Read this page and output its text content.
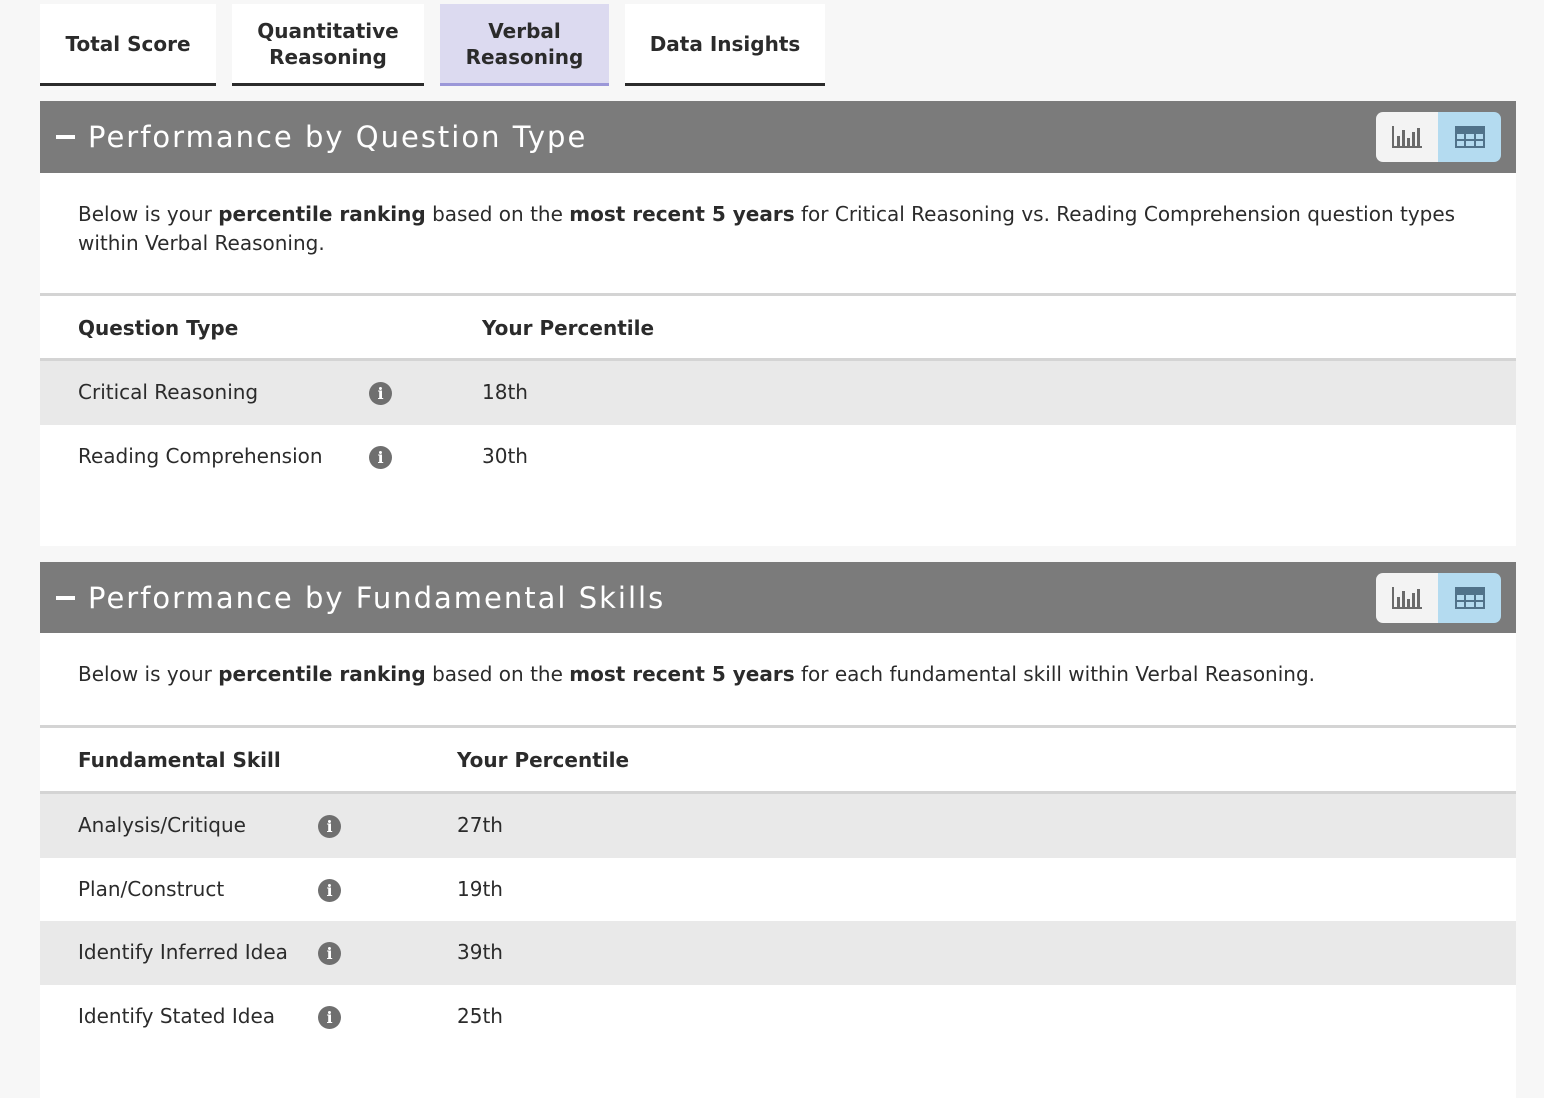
Total Score
Quantitative
Reasoning
Verbal
Reasoning
Data Insights
Performance by Question Type
Below is your percentile ranking based on the most recent 5 years for Critical Reasoning vs. Reading Comprehension question types within Verbal Reasoning.
Question Type	Your Percentile
Critical Reasoning	i	18th
Reading Comprehension	i	30th
Performance by Fundamental Skills
Below is your percentile ranking based on the most recent 5 years for each fundamental skill within Verbal Reasoning.
Fundamental Skill	Your Percentile
Analysis/Critique	i	27th
Plan/Construct	i	19th
Identify Inferred Idea	i	39th
Identify Stated Idea	i	25th
